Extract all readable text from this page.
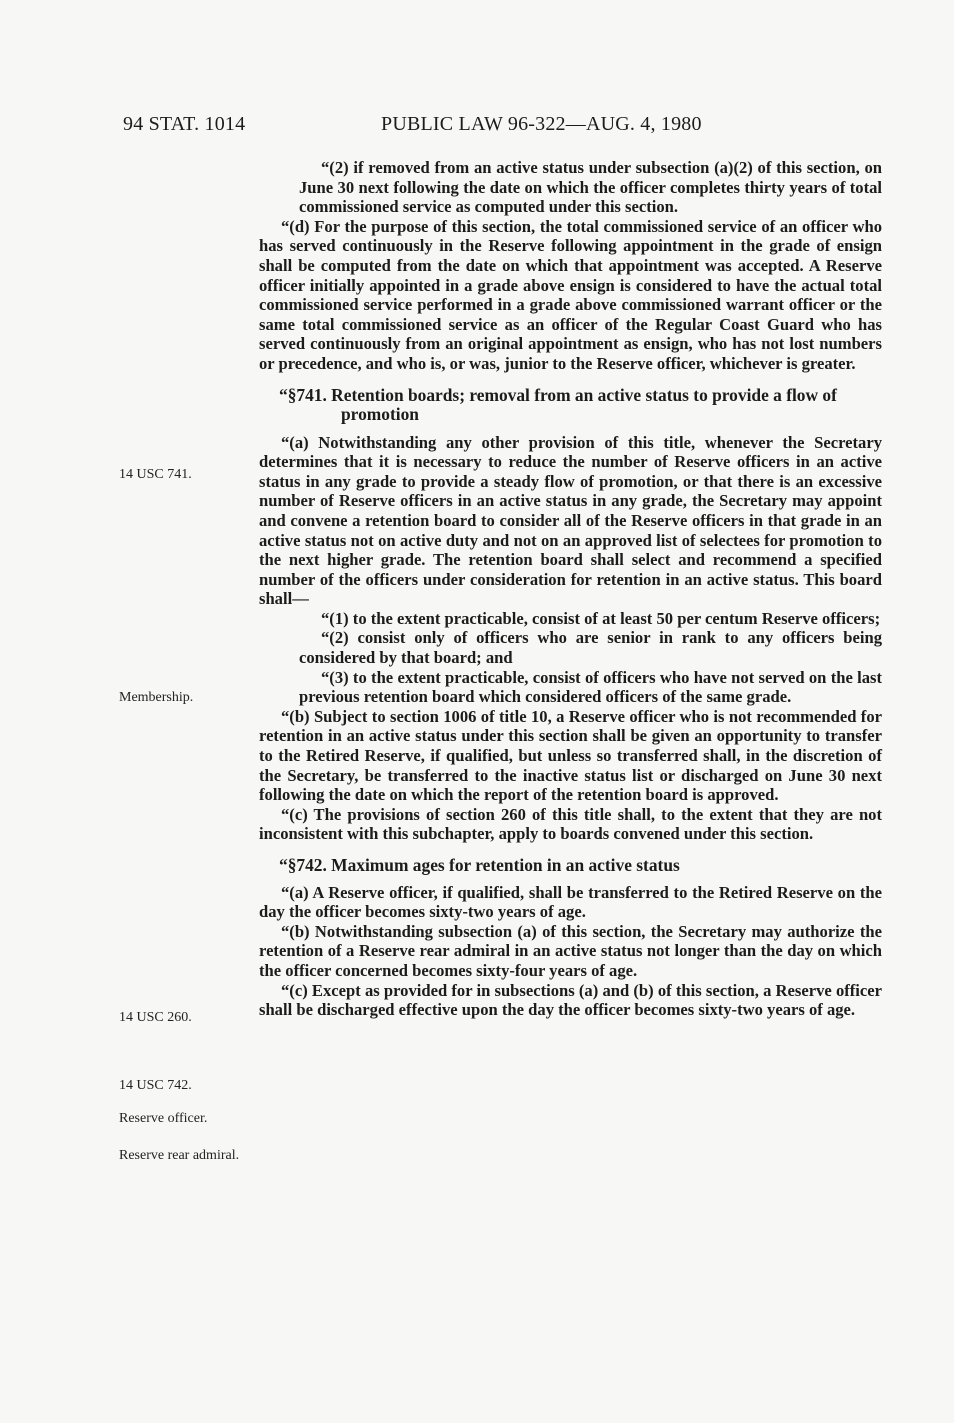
94 STAT. 1014	PUBLIC LAW 96-322—AUG. 4, 1980
14 USC 741.
Membership.
14 USC 260.
14 USC 742.
Reserve officer.
Reserve rear admiral.

“(2) if removed from an active status under subsection (a)(2) of this section, on June 30 next following the date on which the officer completes thirty years of total commissioned service as computed under this section.

“(d) For the purpose of this section, the total commissioned service of an officer who has served continuously in the Reserve following appointment in the grade of ensign shall be computed from the date on which that appointment was accepted. A Reserve officer initially appointed in a grade above ensign is considered to have the actual total commissioned service performed in a grade above commissioned warrant officer or the same total commissioned service as an officer of the Regular Coast Guard who has served continuously from an original appointment as ensign, who has not lost numbers or precedence, and who is, or was, junior to the Reserve officer, whichever is greater.

“§741. Retention boards; removal from an active status to provide a flow of promotion

“(a) Notwithstanding any other provision of this title, whenever the Secretary determines that it is necessary to reduce the number of Reserve officers in an active status in any grade to provide a steady flow of promotion, or that there is an excessive number of Reserve officers in an active status in any grade, the Secretary may appoint and convene a retention board to consider all of the Reserve officers in that grade in an active status not on active duty and not on an approved list of selectees for promotion to the next higher grade. The retention board shall select and recommend a specified number of the officers under consideration for retention in an active status. This board shall—

“(1) to the extent practicable, consist of at least 50 per centum Reserve officers;

“(2) consist only of officers who are senior in rank to any officers being considered by that board; and

“(3) to the extent practicable, consist of officers who have not served on the last previous retention board which considered officers of the same grade.

“(b) Subject to section 1006 of title 10, a Reserve officer who is not recommended for retention in an active status under this section shall be given an opportunity to transfer to the Retired Reserve, if qualified, but unless so transferred shall, in the discretion of the Secretary, be transferred to the inactive status list or discharged on June 30 next following the date on which the report of the retention board is approved.

“(c) The provisions of section 260 of this title shall, to the extent that they are not inconsistent with this subchapter, apply to boards convened under this section.

“§742. Maximum ages for retention in an active status

“(a) A Reserve officer, if qualified, shall be transferred to the Retired Reserve on the day the officer becomes sixty-two years of age.

“(b) Notwithstanding subsection (a) of this section, the Secretary may authorize the retention of a Reserve rear admiral in an active status not longer than the day on which the officer concerned becomes sixty-four years of age.

“(c) Except as provided for in subsections (a) and (b) of this section, a Reserve officer shall be discharged effective upon the day the officer becomes sixty-two years of age.
